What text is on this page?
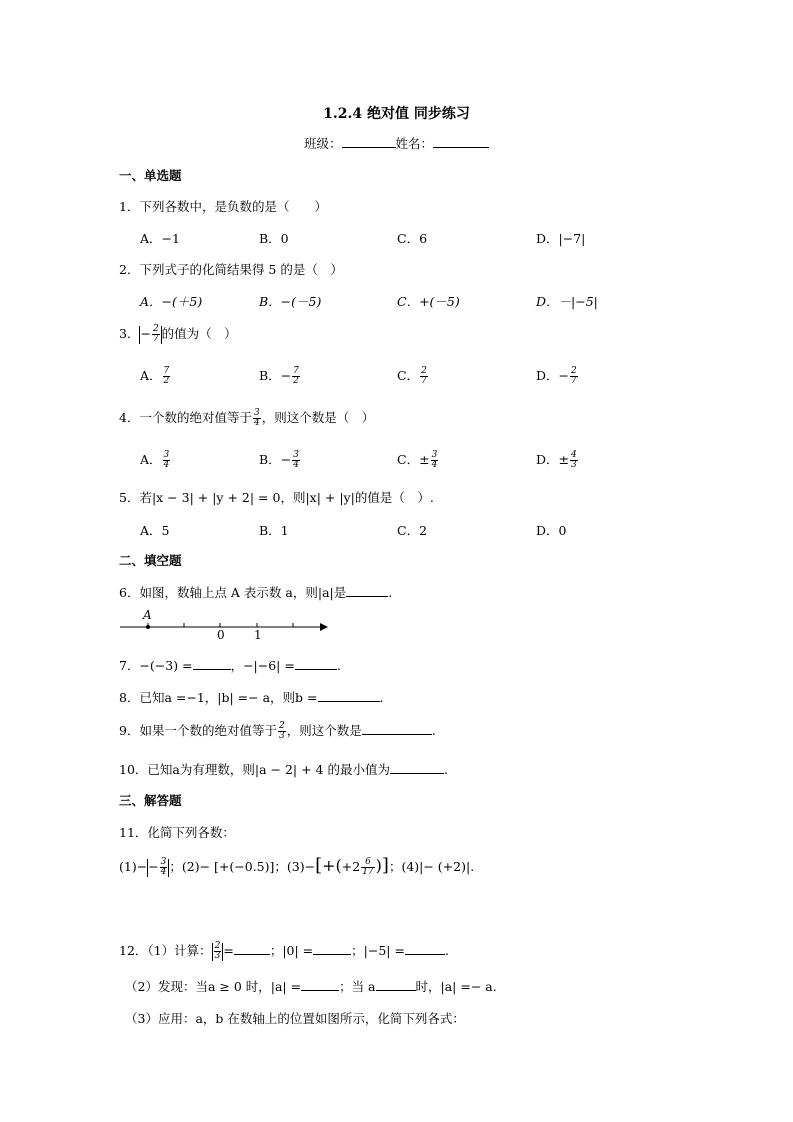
1.2.4 绝对值 同步练习
班级：	姓名：
一、单选题
1．下列各数中，是负数的是（　　）
A．−1	B．0	C．6	D．|−7|
2．下列式子的化简结果得 5 的是（　）
A．−(＋5)	B．−(－5)	C．+(－5)	D．－|−5|
3．− $\frac{2}{7}$ 的值为（　）
A． $\frac{7}{2}$	B．− $\frac{7}{2}$	C． $\frac{2}{7}$	D．− $\frac{2}{7}$
4．一个数的绝对值等于 $\frac{3}{4}$ ，则这个数是（　）
A． $\frac{3}{4}$	B．− $\frac{3}{4}$	C．± $\frac{3}{4}$	D．± $\frac{4}{3}$
5．若|x − 3| + |y + 2| = 0，则|x| + |y|的值是（　）.
A．5	B．1	C．2	D．0
二、填空题
6．如图，数轴上点 A 表示数 a，则|a|是	.
A
0 1
7．−(−3) =	，−|−6| =	.
8．已知a =−1，|b| =− a，则b =	.
9．如果一个数的绝对值等于 $\frac{2}{3}$ ，则这个数是	.
10．已知a为有理数，则|a − 2| + 4 的最小值为	.
三、解答题
11．化简下列各数：
$(1)-- \frac{3}{4}$ ；(2)− [+(−0.5)]；$(3)-[+(+2 \frac{6}{17}$ )]；(4)|− (+2)|.
12．（1）计算： $\frac{2}{3}$ =	；|0| =	；|−5| =	.
（2）发现：当a ≥ 0 时，|a| =	；当 a	时，|a| =− a.
（3）应用：a，b 在数轴上的位置如图所示，化简下列各式：
